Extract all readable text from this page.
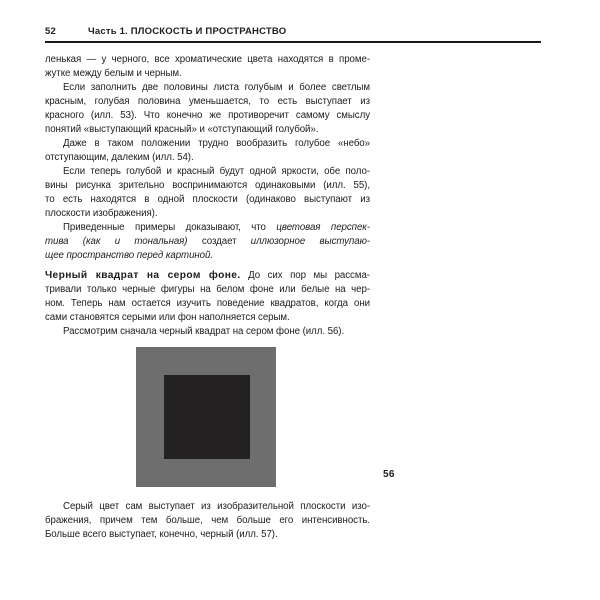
52	Часть 1. ПЛОСКОСТЬ И ПРОСТРАНСТВО
ленькая — у черного, все хроматические цвета находятся в проме-
жутке между белым и черным.
Если заполнить две половины листа голубым и более светлым
красным, голубая половина уменьшается, то есть выступает из
красного (илл. 53). Что конечно же противоречит самому смыслу
понятий «выступающий красный» и «отступающий голубой».
Даже в таком положении трудно вообразить голубое «небо»
отступающим, далеким (илл. 54).
Если теперь голубой и красный будут одной яркости, обе поло-
вины рисунка зрительно воспринимаются одинаковыми (илл. 55),
то есть находятся в одной плоскости (одинаково выступают из
плоскости изображения).
Приведенные примеры доказывают, что цветовая перспек-
тива (как и тональная) создает иллюзорное выступаю-
щее пространство перед картиной.
Черный квадрат на сером фоне. До сих пор мы рассма-
тривали только черные фигуры на белом фоне или белые на чер-
ном. Теперь нам остается изучить поведение квадратов, когда они
сами становятся серыми или фон наполняется серым.
Рассмотрим сначала черный квадрат на сером фоне (илл. 56).
56
Серый цвет сам выступает из изобразительной плоскости изо-
бражения, причем тем больше, чем больше его интенсивность.
Больше всего выступает, конечно, черный (илл. 57).
